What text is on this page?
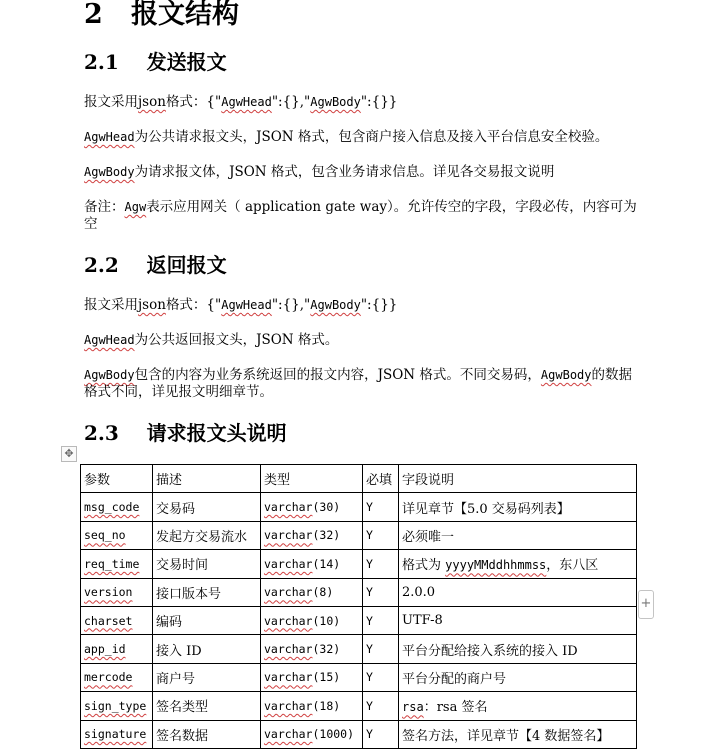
2 报文结构
2.1 发送报文
报文采用json格式：{"AgwHead":{},"AgwBody":{}}
AgwHead为公共请求报文头，JSON 格式，包含商户接入信息及接入平台信息安全校验。
AgwBody为请求报文体，JSON 格式，包含业务请求信息。详见各交易报文说明
备注：Agw表示应用网关（ application gate way）。允许传空的字段，字段必传，内容可为空
2.2 返回报文
报文采用json格式：{"AgwHead":{},"AgwBody":{}}
AgwHead为公共返回报文头，JSON 格式。
AgwBody包含的内容为业务系统返回的报文内容，JSON 格式。不同交易码，AgwBody的数据格式不同，详见报文明细章节。
2.3 请求报文头说明
✥
+
参数	描述	类型	必填	字段说明
msg_code	交易码	varchar(30)	Y	详见章节【5.0 交易码列表】
seq_no	发起方交易流水	varchar(32)	Y	必须唯一
req_time	交易时间	varchar(14)	Y	格式为 yyyyMMddhhmmss，东八区
version	接口版本号	varchar(8)	Y	2.0.0
charset	编码	varchar(10)	Y	UTF-8
app_id	接入 ID	varchar(32)	Y	平台分配给接入系统的接入 ID
mercode	商户号	varchar(15)	Y	平台分配的商户号
sign_type	签名类型	varchar(18)	Y	rsa：rsa 签名
signature	签名数据	varchar(1000)	Y	签名方法，详见章节【4 数据签名】
